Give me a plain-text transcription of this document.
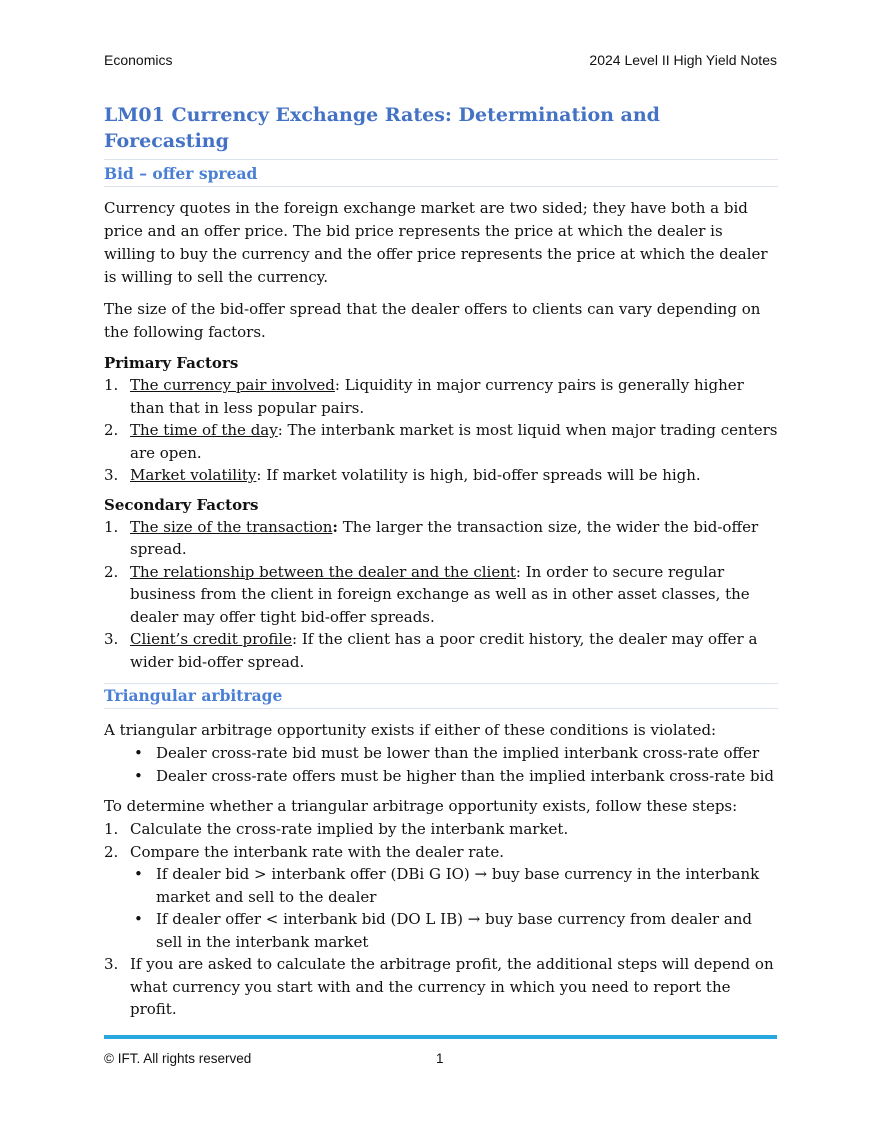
Economics	2024 Level II High Yield Notes
LM01 Currency Exchange Rates: Determination and Forecasting
Bid – offer spread

Currency quotes in the foreign exchange market are two sided; they have both a bid price and an offer price. The bid price represents the price at which the dealer is willing to buy the currency and the offer price represents the price at which the dealer is willing to sell the currency.

The size of the bid-offer spread that the dealer offers to clients can vary depending on the following factors.

Primary Factors
1. The currency pair involved: Liquidity in major currency pairs is generally higher than that in less popular pairs.
2. The time of the day: The interbank market is most liquid when major trading centers are open.
3. Market volatility: If market volatility is high, bid-offer spreads will be high.
Secondary Factors
1. The size of the transaction: The larger the transaction size, the wider the bid-offer spread.
2. The relationship between the dealer and the client: In order to secure regular business from the client in foreign exchange as well as in other asset classes, the dealer may offer tight bid-offer spreads.
3. Client’s credit profile: If the client has a poor credit history, the dealer may offer a wider bid-offer spread.
Triangular arbitrage

A triangular arbitrage opportunity exists if either of these conditions is violated:

• Dealer cross-rate bid must be lower than the implied interbank cross-rate offer
• Dealer cross-rate offers must be higher than the implied interbank cross-rate bid

To determine whether a triangular arbitrage opportunity exists, follow these steps:

1. Calculate the cross-rate implied by the interbank market.
2. Compare the interbank rate with the dealer rate.
• If dealer bid > interbank offer (DBi G IO) → buy base currency in the interbank market and sell to the dealer
• If dealer offer < interbank bid (DO L IB) → buy base currency from dealer and sell in the interbank market
3. If you are asked to calculate the arbitrage profit, the additional steps will depend on what currency you start with and the currency in which you need to report the profit.
© IFT. All rights reserved	1
